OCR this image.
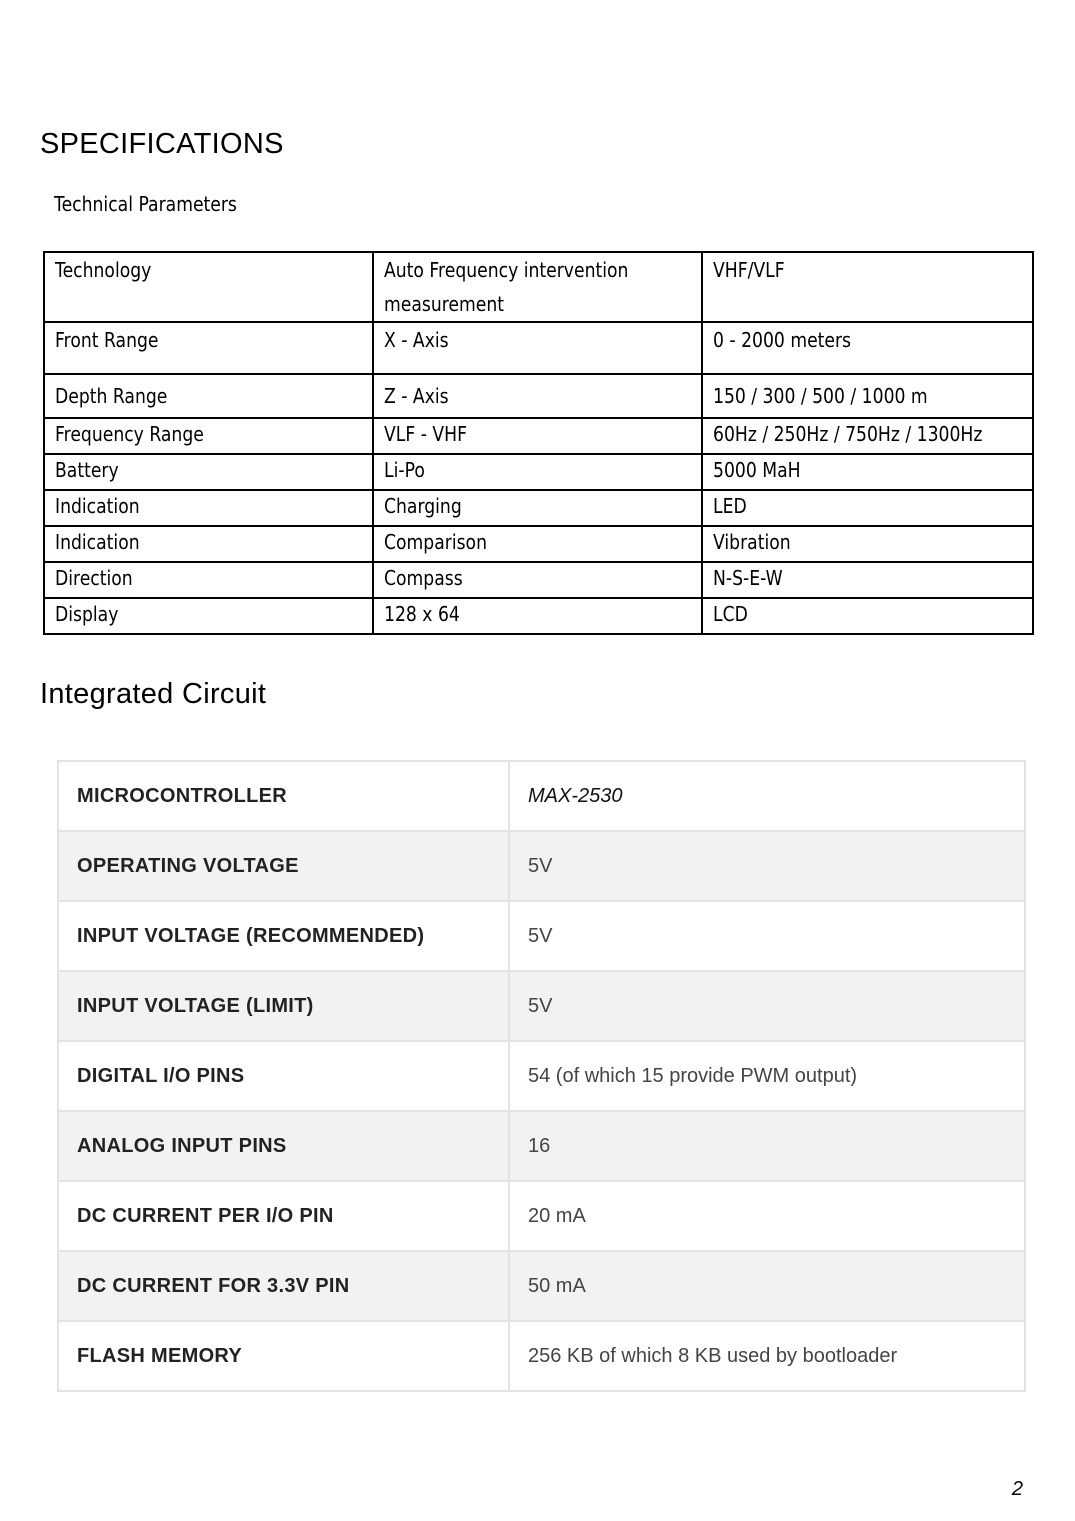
SPECIFICATIONS
Technical Parameters
Technology	Auto Frequency intervention measurement	VHF/VLF

Front Range	X - Axis	0 - 2000 meters

Depth Range	Z - Axis	150 / 300 / 500 / 1000 m

Frequency Range	VLF - VHF	60Hz / 250Hz / 750Hz / 1300Hz

Battery	Li-Po	5000 MaH

Indication	Charging	LED

Indication	Comparison	Vibration

Direction	Compass	N-S-E-W

Display	128 x 64	LCD
Integrated Circuit
MICROCONTROLLER	MAX-2530
OPERATING VOLTAGE	5V
INPUT VOLTAGE (RECOMMENDED)	5V
INPUT VOLTAGE (LIMIT)	5V
DIGITAL I/O PINS	54 (of which 15 provide PWM output)
ANALOG INPUT PINS	16
DC CURRENT PER I/O PIN	20 mA
DC CURRENT FOR 3.3V PIN	50 mA
FLASH MEMORY	256 KB of which 8 KB used by bootloader
2
